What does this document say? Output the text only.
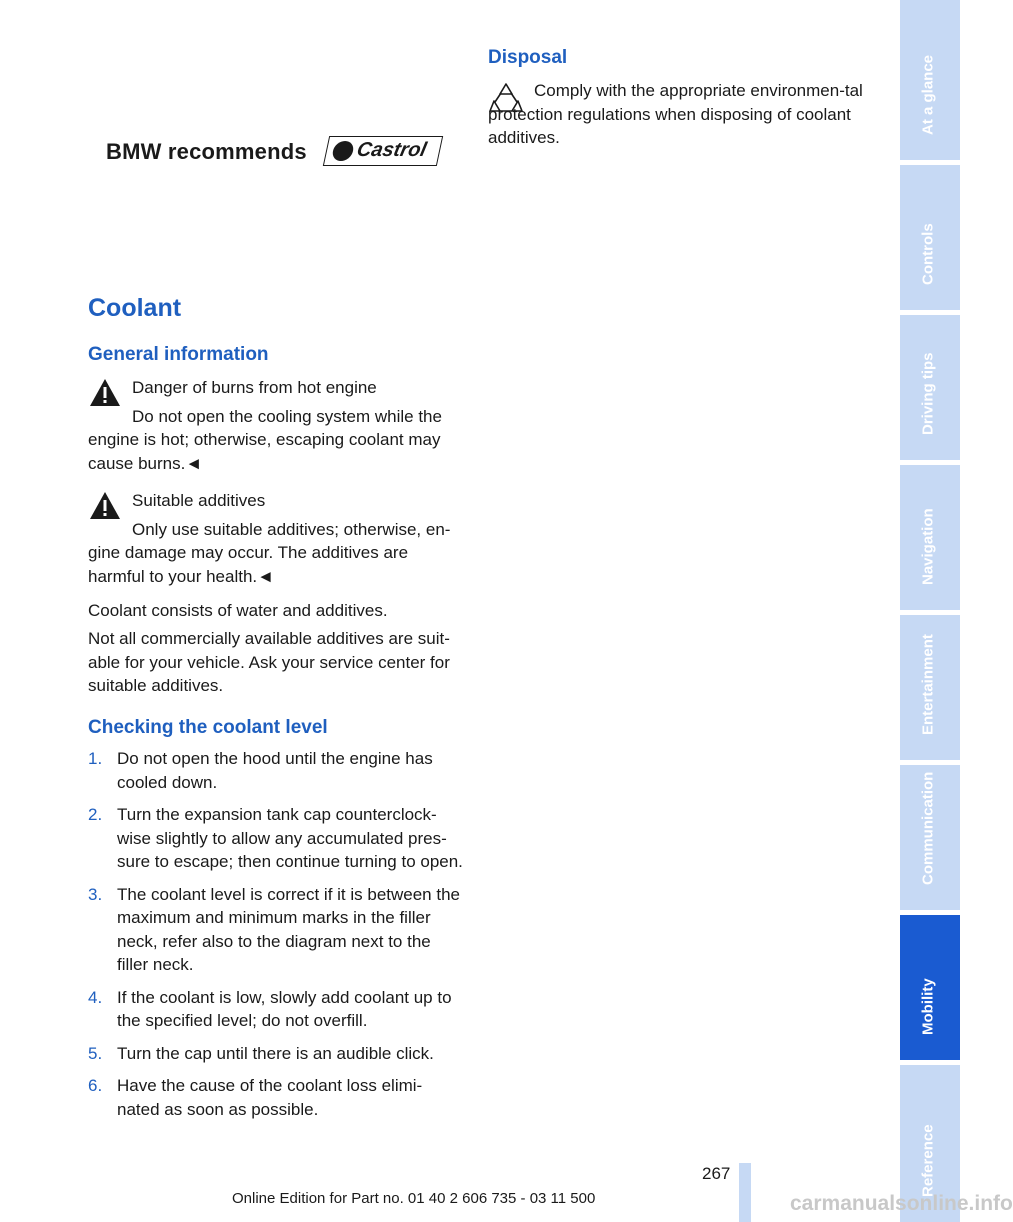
BMW recommends Castrol
Coolant
General information

Danger of burns from hot engine

Do not open the cooling system while the engine is hot; otherwise, escaping coolant may cause burns.◄

Suitable additives

Only use suitable additives; otherwise, en-gine damage may occur. The additives are harmful to your health.◄

Coolant consists of water and additives.

Not all commercially available additives are suit-able for your vehicle. Ask your service center for suitable additives.

Checking the coolant level
1. Do not open the hood until the engine has cooled down.
2. Turn the expansion tank cap counterclock-wise slightly to allow any accumulated pres-sure to escape; then continue turning to open.
3. The coolant level is correct if it is between the maximum and minimum marks in the filler neck, refer also to the diagram next to the filler neck.
4. If the coolant is low, slowly add coolant up to the specified level; do not overfill.
5. Turn the cap until there is an audible click.
6. Have the cause of the coolant loss elimi-nated as soon as possible.
Disposal

Comply with the appropriate environmen-tal protection regulations when disposing of coolant additives.

At a glance
Controls
Driving tips
Navigation
Entertainment
Communication
Mobility
Reference
267
Online Edition for Part no. 01 40 2 606 735 - 03 11 500	carmanualsonline.info
